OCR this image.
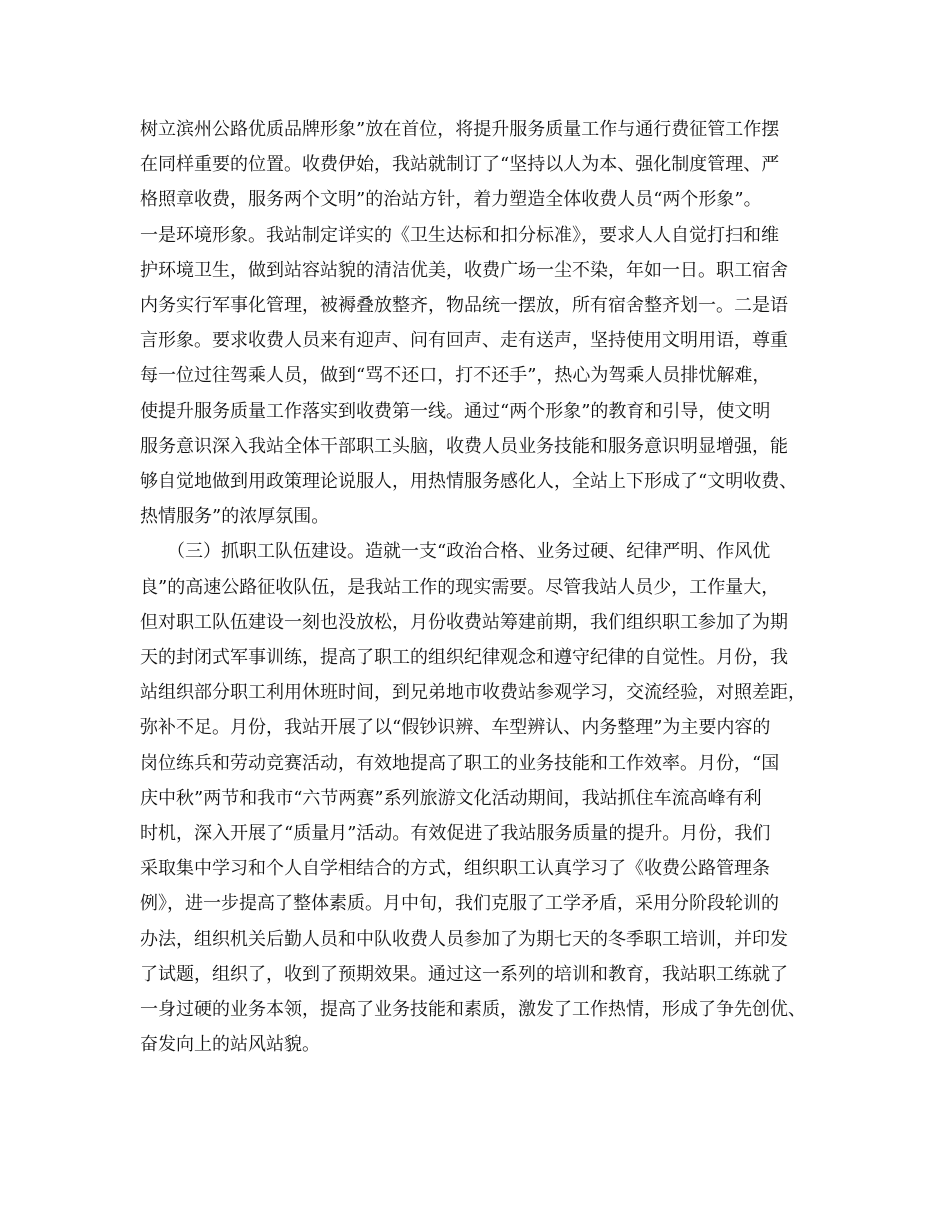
树立滨州公路优质品牌形象”放在首位，将提升服务质量工作与通行费征管工作摆
在同样重要的位置。收费伊始，我站就制订了“坚持以人为本、强化制度管理、严
格照章收费，服务两个文明”的治站方针，着力塑造全体收费人员“两个形象”。
一是环境形象。我站制定详实的《卫生达标和扣分标准》，要求人人自觉打扫和维
护环境卫生，做到站容站貌的清洁优美，收费广场一尘不染，年如一日。职工宿舍
内务实行军事化管理，被褥叠放整齐，物品统一摆放，所有宿舍整齐划一。二是语
言形象。要求收费人员来有迎声、问有回声、走有送声，坚持使用文明用语，尊重
每一位过往驾乘人员，做到“骂不还口，打不还手”，热心为驾乘人员排忧解难，
使提升服务质量工作落实到收费第一线。通过“两个形象”的教育和引导，使文明
服务意识深入我站全体干部职工头脑，收费人员业务技能和服务意识明显增强，能
够自觉地做到用政策理论说服人，用热情服务感化人，全站上下形成了“文明收费、
热情服务”的浓厚氛围。

　　（三）抓职工队伍建设。造就一支“政治合格、业务过硬、纪律严明、作风优
良”的高速公路征收队伍，是我站工作的现实需要。尽管我站人员少，工作量大，
但对职工队伍建设一刻也没放松，月份收费站筹建前期，我们组织职工参加了为期
天的封闭式军事训练，提高了职工的组织纪律观念和遵守纪律的自觉性。月份，我
站组织部分职工利用休班时间，到兄弟地市收费站参观学习，交流经验，对照差距，
弥补不足。月份，我站开展了以“假钞识辨、车型辨认、内务整理”为主要内容的
岗位练兵和劳动竞赛活动，有效地提高了职工的业务技能和工作效率。月份，“国
庆中秋”两节和我市“六节两赛”系列旅游文化活动期间，我站抓住车流高峰有利
时机，深入开展了“质量月”活动。有效促进了我站服务质量的提升。月份，我们
采取集中学习和个人自学相结合的方式，组织职工认真学习了《收费公路管理条
例》，进一步提高了整体素质。月中旬，我们克服了工学矛盾，采用分阶段轮训的
办法，组织机关后勤人员和中队收费人员参加了为期七天的冬季职工培训，并印发
了试题，组织了，收到了预期效果。通过这一系列的培训和教育，我站职工练就了
一身过硬的业务本领，提高了业务技能和素质，激发了工作热情，形成了争先创优、
奋发向上的站风站貌。
